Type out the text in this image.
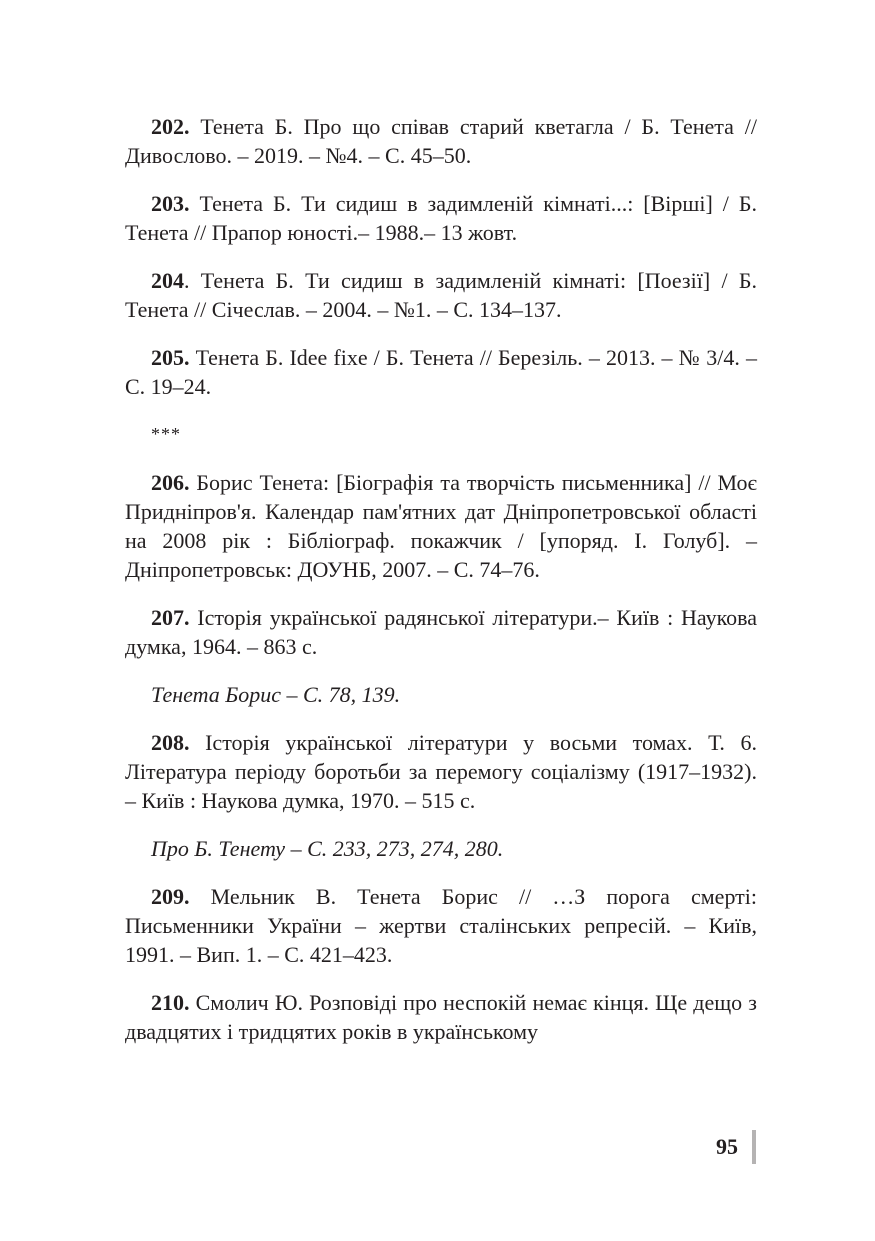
202. Тенета Б. Про що співав старий кветагла / Б. Тенета // Дивослово. – 2019. – №4. – С. 45–50.

203. Тенета Б. Ти сидиш в задимленій кімнаті...: [Вірші] / Б. Тенета // Прапор юності.– 1988.– 13 жовт.

204. Тенета Б. Ти сидиш в задимленій кімнаті: [Поезії] / Б. Тенета // Січеслав. – 2004. – №1. – С. 134–137.

205. Тенета Б. Idee fixe / Б. Тенета // Березіль. – 2013. – № 3/4. – С. 19–24.

***

206. Борис Тенета: [Біографія та творчість письменника] // Моє Придніпров'я. Календар пам'ятних дат Дніпропетровської області на 2008 рік : Бібліограф. покажчик / [упоряд. І. Голуб]. – Дніпропетровськ: ДОУНБ, 2007. – С. 74–76.

207. Історія української радянської літератури.– Київ : Наукова думка, 1964. – 863 с.

Тенета Борис – С. 78, 139.

208. Історія української літератури у восьми томах. Т. 6. Література періоду боротьби за перемогу соціалізму (1917–1932). – Київ : Наукова думка, 1970. – 515 с.

Про Б. Тенету – С. 233, 273, 274, 280.

209. Мельник В. Тенета Борис // …З порога смерті: Письменники України – жертви сталінських репресій. – Київ, 1991. – Вип. 1. – С. 421–423.

210. Смолич Ю. Розповіді про неспокій немає кінця. Ще дещо з двадцятих і тридцятих років в українському

95
